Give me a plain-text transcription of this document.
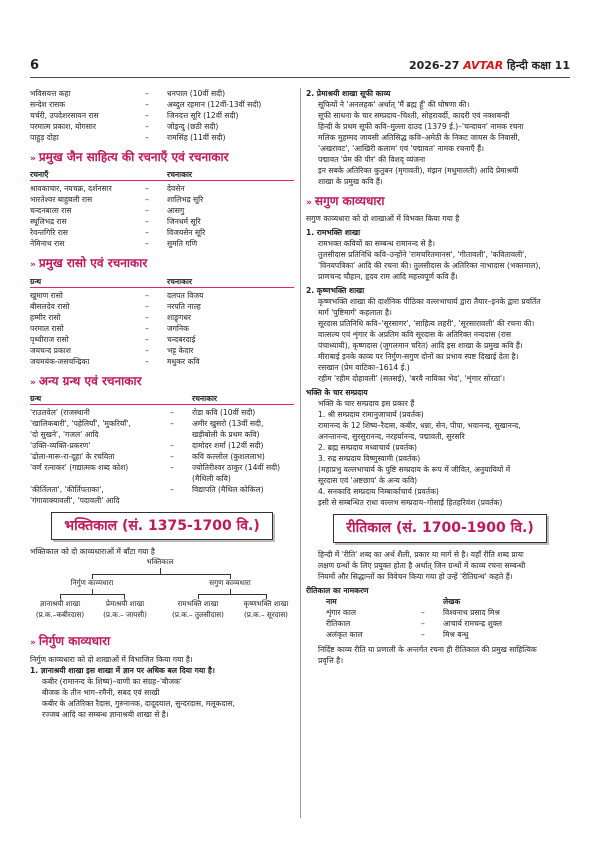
6	2026-27 AVTAR हिन्दी कक्षा 11
भविसयत्त कहा	–	धनपाल (10वीं सदी)
सन्देश रासक	–	अब्दुल रहमान (12वीं-13वीं सदी)
चर्चरी, उपदेशरसायन रास	–	जिनदत्त सूरि (12वीं सदी)
परमात्म प्रकाश, योगसार	–	जोइन्दु (छठी सदी)
पाहुड़ दोहा	–	रामसिंह (11वीं सदी)
» प्रमुख जैन साहित्य की रचनाएँ एवं रचनाकार
रचनाएँ	रचनाकार
श्रावकाचार, नयचक्र, दर्शनसार	–	देवसेन
भारतेश्वर बाहुबली रास	–	शालिभद्र सूरि
चन्दनबाला रास	–	आसगु
स्थूलिभद्र रास	–	जिनधर्म सूरि
रेवन्तगिरि रास	–	विजयसेन सूरि
नेमिनाथ रास	–	सुमति गणि
» प्रमुख रासो एवं रचनाकार
ग्रन्थ	रचनाकार
खुमाण रासो	–	दलपत विजय
बीसलदेव रासो	–	नरपति नाल्ह
हम्मीर रासो	–	शाङ्र्गधर
परमाल रासो	–	जगनिक
पृथ्वीराज रासो	–	चन्दबरदाई
जयचन्द प्रकाश	–	भट्ट केदार
जयमयंक-जसचन्द्रिका	–	मधुकर कवि
» अन्य ग्रन्थ एवं रचनाकार
ग्रन्थ	रचनाकार
'राउलवेल' (राजस्थानी	–	रोडा कवि (10वीं सदी)
'खालिकबारी', 'पहेलियाँ', 'मुकरियाँ',	–	अमीर खुसरो (13वीं सदी,
'दो सुखने', 'गजल' आदि	खड़ीबोली के प्रथम कवि)
'उक्ति-व्यक्ति-प्रकरण'	–	दामोदर शर्मा (12वीं सदी)
'ढोला-मारू-रा-दूहा' के रचयिता	–	कवि कल्लोल (कुशललाभ)
'वर्ण रत्नाकर' (गद्यात्मक शब्द कोश)	–	ज्योतिरीश्वर ठाकुर (14वीं सदी)
(मैथिली कवि)
'कीर्तिलता', 'कीर्तिपताका',	–	विद्यापति (मैथिल कोकिल)
'गंगावाक्यावली', 'पदावली' आदि
भक्तिकाल (सं. 1375-1700 वि.)

भक्तिकाल को दो काव्यधाराओं में बाँटा गया है

भक्तिकाल
निर्गुण काव्यधारा	सगुण काव्यधारा
ज्ञानाश्रयी शाखा
(प्र.क.–कबीरदास)
प्रेमाश्रयी शाखा
(प्र.क.– जायसी)
रामभक्ति शाखा
(प्र.क.– तुलसीदास)
कृष्णभक्ति शाखा
(प्र.क.– सूरदास)
» निर्गुण काव्यधारा

निर्गुण काव्यधारा को दो शाखाओं में विभाजित किया गया है।

1. ज्ञानाश्रयी शाखा इस शाखा में ज्ञान पर अधिक बल दिया गया है।

कबीर (रामानन्द के शिष्य)–वाणी का संग्रह–'बीजक'

बीजक के तीन भाग–रमैनी, सबद एवं साखी

कबीर के अतिरिक्त रैदास, गुरुनानक, दादूदयाल, सुन्दरदास, मलूकदास,

रज्जब आदि का सम्बन्ध ज्ञानाश्रयी शाखा से है।

2. प्रेमाश्रयी शाखा सूफी काव्य

सूफियों ने 'अनलहक' अर्थात् 'मैं ब्रह्म हूँ' की घोषणा की।

सूफी साधना के चार सम्प्रदाय–चिश्ती, सोहरावर्दी, कादरी एवं नक्शबन्दी

हिन्दी के प्रथम सूफी कवि–मुल्ला दाउद (1379 ई.)–'चन्दायन' नामक रचना

मलिक मुहम्मद जायसी अतिसिद्ध कवि–अमेठी के निकट जायस के निवासी,

'अखरावट', 'आखिरी कलाम' एवं 'पद्मावत' नामक रचनाएँ हैं।

पद्मावत 'प्रेम की पीर' की विशद् व्यंजना

इन सबके अतिरिक्त कुतुबन (मृगावती), मंझन (मधुमालती) आदि प्रेमाश्रयी

शाखा के प्रमुख कवि हैं।

» सगुण काव्यधारा

सगुण काव्यधारा को दो शाखाओं में विभक्त किया गया है

1. रामभक्ति शाखा

रामभक्त कवियों का सम्बन्ध रामानन्द से है।

तुलसीदास प्रतिनिधि कवि–उन्होंने 'रामचरितमानस', 'गीतावली', 'कवितावली',

'विनयपत्रिका' आदि की रचना की। तुलसीदास के अतिरिक्त नाभादास (भक्तमाल),

प्राणचन्द चौहान, हृदय राम आदि महत्त्वपूर्ण कवि हैं।

2. कृष्णभक्ति शाखा

कृष्णभक्ति शाखा की दार्शनिक पीठिका वल्लभाचार्य द्वारा तैयार–इनके द्वारा प्रवर्तित

मार्ग 'पुष्टिमार्ग' कहलाता है।

सूरदास प्रतिनिधि कवि–'सूरसागर', 'साहित्य लहरी', 'सूरसारावली' की रचना की।

वात्सल्य एवं शृंगार के अप्रतिम कवि सूरदास के अतिरिक्त नन्ददास (रास

पंचाध्यायी), कृष्णदास (जुगलमान चरित) आदि इस शाखा के प्रमुख कवि हैं।

मीराबाई इनके काव्य पर निर्गुण-सगुण दोनों का प्रभाव स्पष्ट दिखाई देता है।

रसखान (प्रेम वाटिका–1614 ई.)

रहीम 'रहीम दोहावली' (सतसई), 'बरवै नायिका भेद', 'शृंगार सोरठा'।

भक्ति के चार सम्प्रदाय

भक्ति के चार सम्प्रदाय इस प्रकार हैं

1. श्री सम्प्रदाय रामानुजाचार्य (प्रवर्तक)

रामानन्द के 12 शिष्य–रैदास, कबीर, धन्ना, सेन, पीपा, भवानन्द, सुखानन्द,

अनन्तानन्द, सुरसुरानन्द, नरहर्यानन्द, पद्मावती, सुरसरि

2. ब्रह्म सम्प्रदाय मध्वाचार्य (प्रवर्तक)

3. रुद्र सम्प्रदाय विष्णुस्वामी (प्रवर्तक)

(महाप्रभु वल्लभाचार्य के पुष्टि सम्प्रदाय के रूप में जीवित, अनुयायियों में

सूरदास एवं 'अष्टछाप' के अन्य कवि)

4. सनकादि सम्प्रदाय निम्बार्काचार्य (प्रवर्तक)

इसी से सम्बन्धित राधा वल्लभ सम्प्रदाय–गोसाईं हितहरिवंश (प्रवर्तक)

रीतिकाल (सं. 1700-1900 वि.)

हिन्दी में 'रीति' शब्द का अर्थ शैली, प्रकार या मार्ग से है। यहाँ रीति शब्द प्रायः

लक्षण ग्रन्थों के लिए प्रयुक्त होता है अर्थात् जिन ग्रन्थों में काव्य रचना सम्बन्धी

नियमों और सिद्धान्तों का विवेचन किया गया हो उन्हें 'रीतिग्रन्थ' कहते हैं।

रीतिकाल का नामकरण

नाम	लेखक
शृंगार काल	–	विश्वनाथ प्रसाद मिश्र
रीतिकाल	–	आचार्य रामचन्द्र शुक्ल
अलंकृत काल	–	मिश्र बन्धु

निर्दिष्ट काव्य रीति या प्रणाली के अन्तर्गत रचना ही रीतिकाल की प्रमुख साहित्यिक

प्रवृत्ति है।
